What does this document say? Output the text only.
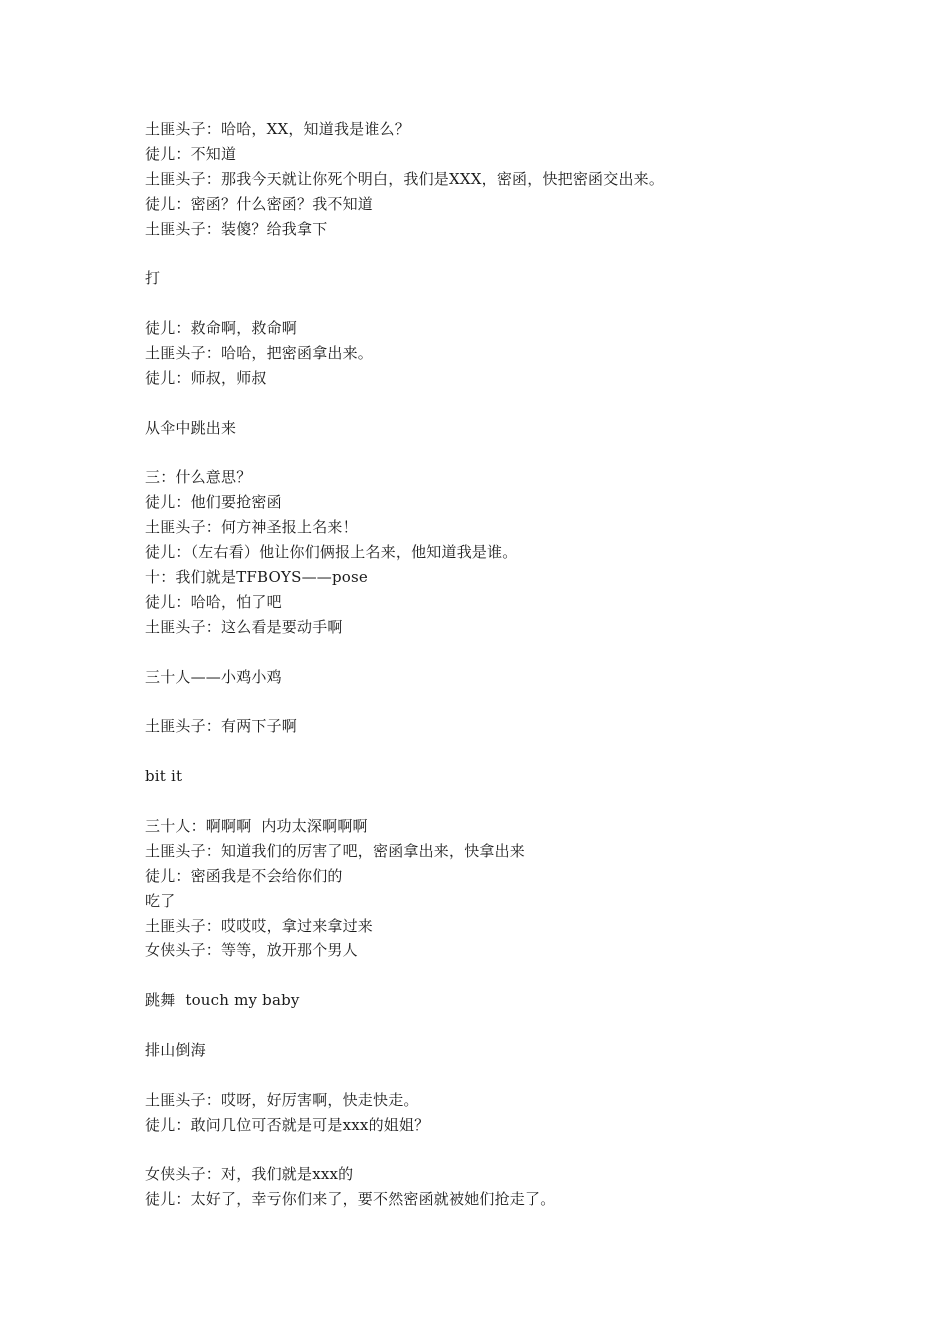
土匪头子：哈哈，XX，知道我是谁么？
徒儿：不知道
土匪头子：那我今天就让你死个明白，我们是XXX，密函，快把密函交出来。
徒儿：密函？什么密函？我不知道
土匪头子：装傻？给我拿下
打
徒儿：救命啊，救命啊
土匪头子：哈哈，把密函拿出来。
徒儿：师叔，师叔
从伞中跳出来
三：什么意思？
徒儿：他们要抢密函
土匪头子：何方神圣报上名来！
徒儿：（左右看）他让你们俩报上名来，他知道我是谁。
十：我们就是TFBOYS——pose
徒儿：哈哈，怕了吧
土匪头子：这么看是要动手啊
三十人——小鸡小鸡
土匪头子：有两下子啊
bit it
三十人：啊啊啊  内功太深啊啊啊
土匪头子：知道我们的厉害了吧，密函拿出来，快拿出来
徒儿：密函我是不会给你们的
吃了
土匪头子：哎哎哎，拿过来拿过来
女侠头子：等等，放开那个男人
跳舞  touch my baby
排山倒海
土匪头子：哎呀，好厉害啊，快走快走。
徒儿：敢问几位可否就是可是xxx的姐姐？
女侠头子：对，我们就是xxx的
徒儿：太好了，幸亏你们来了，要不然密函就被她们抢走了。
